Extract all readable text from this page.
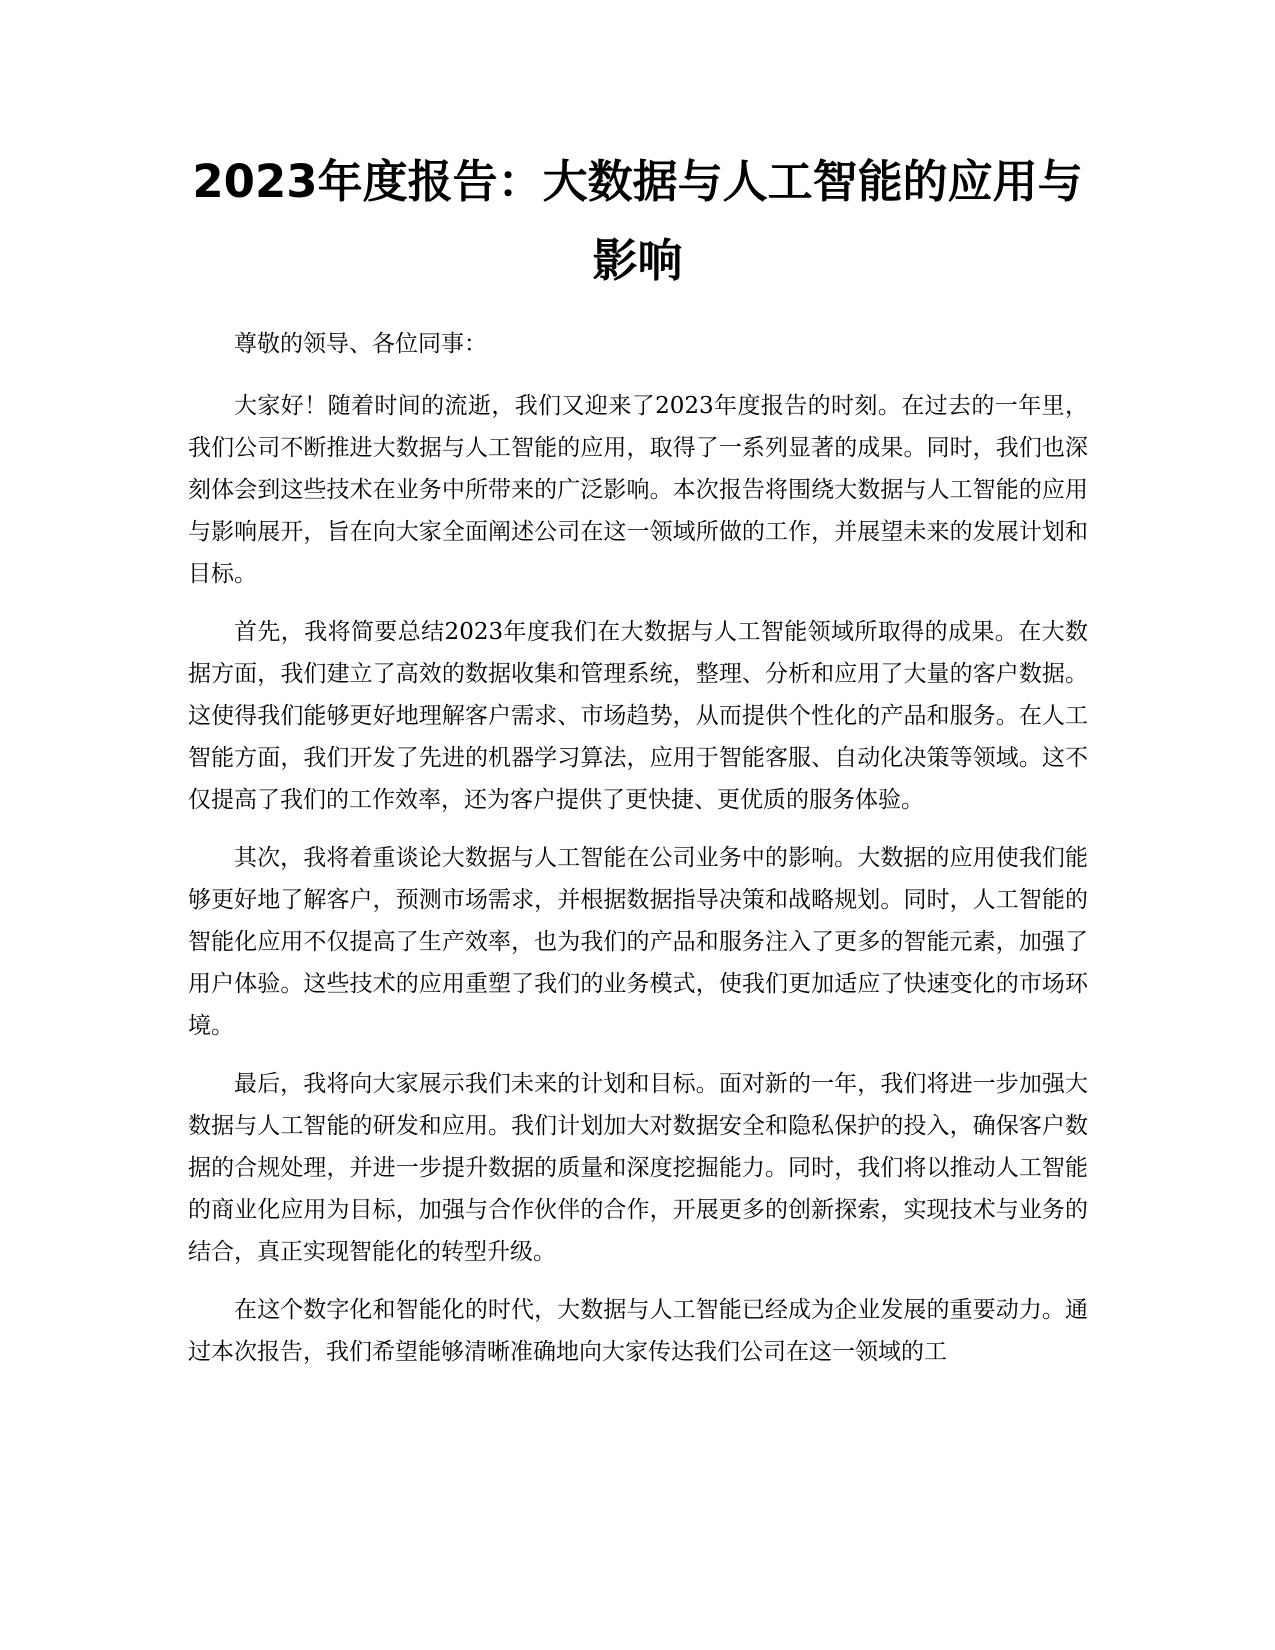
2023年度报告：大数据与人工智能的应用与
影响

尊敬的领导、各位同事：

大家好！随着时间的流逝，我们又迎来了2023年度报告的时刻。在过去的一年里，我们公司不断推进大数据与人工智能的应用，取得了一系列显著的成果。同时，我们也深刻体会到这些技术在业务中所带来的广泛影响。本次报告将围绕大数据与人工智能的应用与影响展开，旨在向大家全面阐述公司在这一领域所做的工作，并展望未来的发展计划和目标。

首先，我将简要总结2023年度我们在大数据与人工智能领域所取得的成果。在大数据方面，我们建立了高效的数据收集和管理系统，整理、分析和应用了大量的客户数据。这使得我们能够更好地理解客户需求、市场趋势，从而提供个性化的产品和服务。在人工智能方面，我们开发了先进的机器学习算法，应用于智能客服、自动化决策等领域。这不仅提高了我们的工作效率，还为客户提供了更快捷、更优质的服务体验。

其次，我将着重谈论大数据与人工智能在公司业务中的影响。大数据的应用使我们能够更好地了解客户，预测市场需求，并根据数据指导决策和战略规划。同时，人工智能的智能化应用不仅提高了生产效率，也为我们的产品和服务注入了更多的智能元素，加强了用户体验。这些技术的应用重塑了我们的业务模式，使我们更加适应了快速变化的市场环境。

最后，我将向大家展示我们未来的计划和目标。面对新的一年，我们将进一步加强大数据与人工智能的研发和应用。我们计划加大对数据安全和隐私保护的投入，确保客户数据的合规处理，并进一步提升数据的质量和深度挖掘能力。同时，我们将以推动人工智能的商业化应用为目标，加强与合作伙伴的合作，开展更多的创新探索，实现技术与业务的结合，真正实现智能化的转型升级。

在这个数字化和智能化的时代，大数据与人工智能已经成为企业发展的重要动力。通过本次报告，我们希望能够清晰准确地向大家传达我们公司在这一领域的工
